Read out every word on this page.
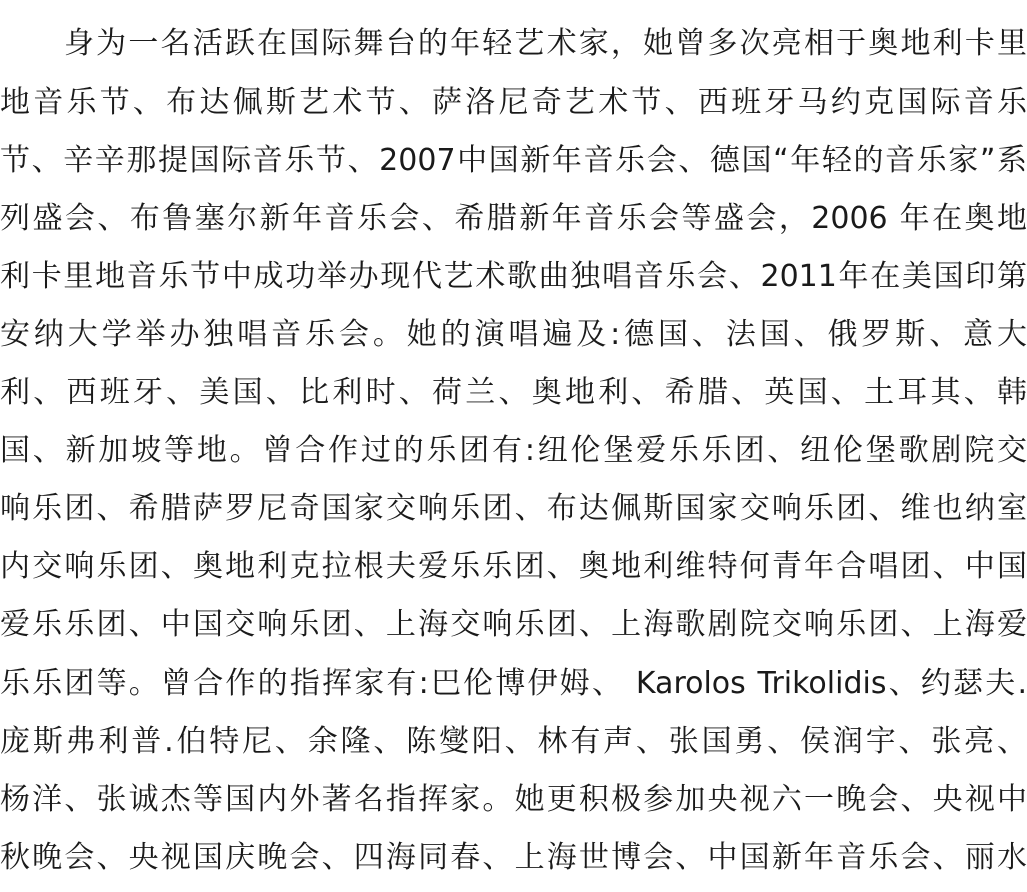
身为一名活跃在国际舞台的年轻艺术家，她曾多次亮相于奥地利卡里
地音乐节、布达佩斯艺术节、萨洛尼奇艺术节、西班牙马约克国际音乐
节、辛辛那提国际音乐节、2007中国新年音乐会、德国“年轻的音乐家”系
列盛会、布鲁塞尔新年音乐会、希腊新年音乐会等盛会，2006 年在奥地
利卡里地音乐节中成功举办现代艺术歌曲独唱音乐会、2011年在美国印第
安纳大学举办独唱音乐会。她的演唱遍及:德国、法国、俄罗斯、意大
利、西班牙、美国、比利时、荷兰、奥地利、希腊、英国、土耳其、韩
国、新加坡等地。曾合作过的乐团有:纽伦堡爱乐乐团、纽伦堡歌剧院交
响乐团、希腊萨罗尼奇国家交响乐团、布达佩斯国家交响乐团、维也纳室
内交响乐团、奥地利克拉根夫爱乐乐团、奥地利维特何青年合唱团、中国
爱乐乐团、中国交响乐团、上海交响乐团、上海歌剧院交响乐团、上海爱
乐乐团等。曾合作的指挥家有:巴伦博伊姆、 Karolos Trikolidis、约瑟夫.
庞斯弗利普.伯特尼、余隆、陈燮阳、林有声、张国勇、侯润宇、张亮、
杨洋、张诚杰等国内外著名指挥家。她更积极参加央视六一晚会、央视中
秋晚会、央视国庆晚会、四海同春、上海世博会、中国新年音乐会、丽水
